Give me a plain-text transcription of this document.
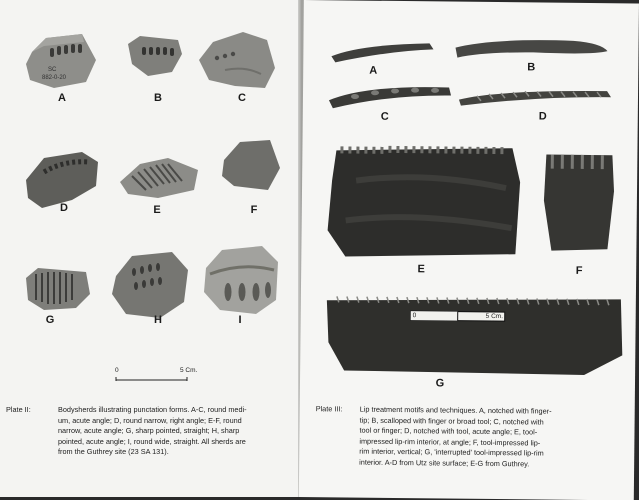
SC
882-0-20
A	B	C
D	E	F
G	H	I
0	5 Cm.
Plate II:	Bodysherds illustrating punctation forms. A-C, round medi-
um, acute angle; D, round narrow, right angle; E-F, round
narrow, acute angle; G, sharp pointed, straight; H, sharp
pointed, acute angle; I, round wide, straight. All sherds are
from the Guthrey site (23 SA 131).
A	B
C	D
E	F
0	5 Cm.
G
Plate III: Lip treatment motifs and techniques. A, notched with finger-
tip; B, scalloped with finger or broad tool; C, notched with
tool or finger; D, notched with tool, acute angle; E, tool-
impressed lip-rim interior, at angle; F, tool-impressed lip-
rim interior, vertical; G, 'interrupted' tool-impressed lip-rim
interior. A-D from Utz site surface; E-G from Guthrey.
